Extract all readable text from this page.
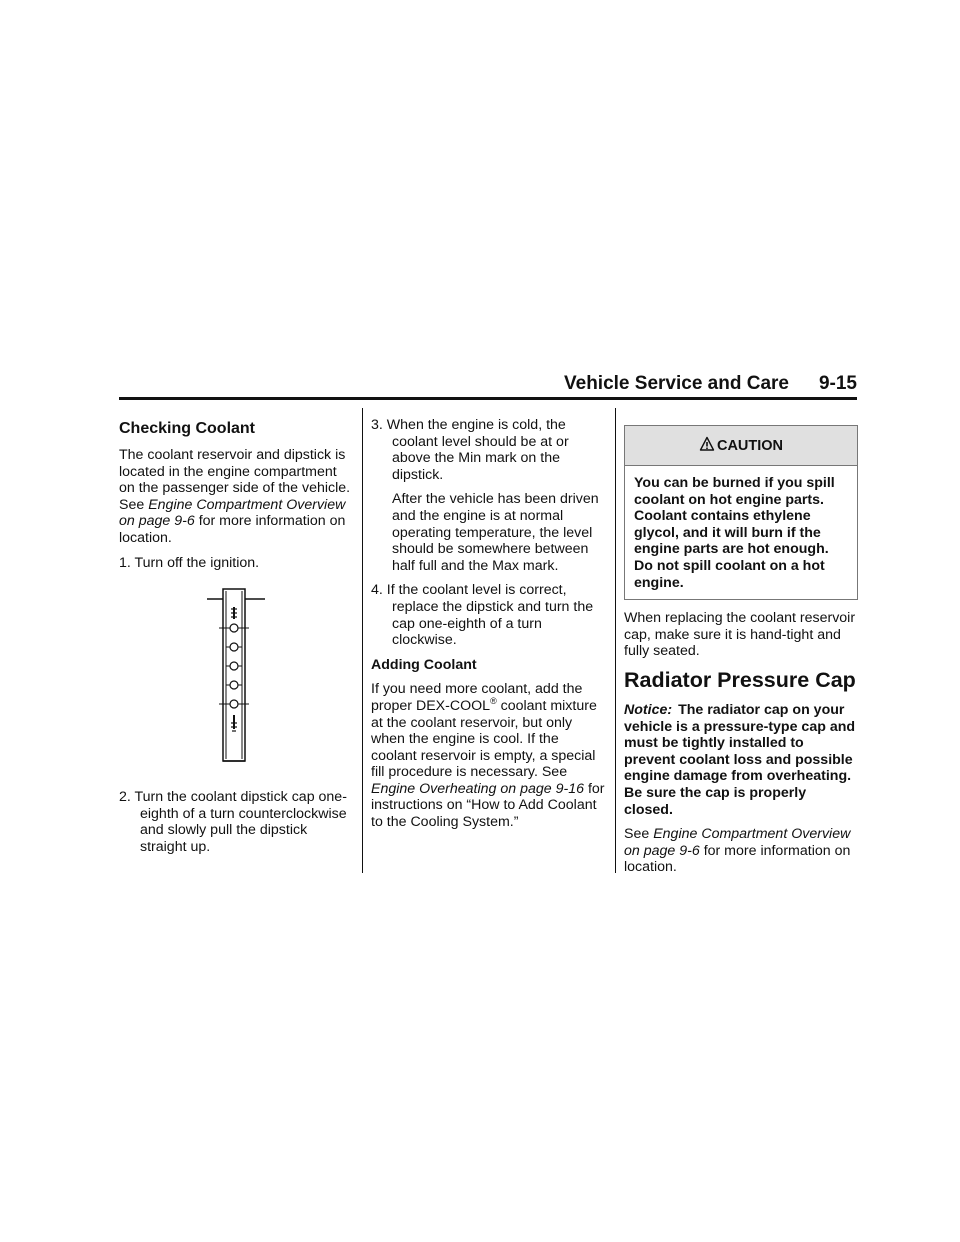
Vehicle Service and Care 9-15
Checking Coolant

The coolant reservoir and dipstick is located in the engine compartment on the passenger side of the vehicle. See Engine Compartment Overview on page 9-6 for more information on location.

1. Turn off the ignition.

2. Turn the coolant dipstick cap one-eighth of a turn counterclockwise and slowly pull the dipstick straight up.

3. When the engine is cold, the coolant level should be at or above the Min mark on the dipstick.

After the vehicle has been driven and the engine is at normal operating temperature, the level should be somewhere between half full and the Max mark.

4. If the coolant level is correct, replace the dipstick and turn the cap one-eighth of a turn clockwise.

Adding Coolant

If you need more coolant, add the proper DEX-COOL® coolant mixture at the coolant reservoir, but only when the engine is cool. If the coolant reservoir is empty, a special fill procedure is necessary. See Engine Overheating on page 9-16 for instructions on “How to Add Coolant to the Cooling System.”

CAUTION
You can be burned if you spill coolant on hot engine parts. Coolant contains ethylene glycol, and it will burn if the engine parts are hot enough. Do not spill coolant on a hot engine.

When replacing the coolant reservoir cap, make sure it is hand-tight and fully seated.

Radiator Pressure Cap

Notice: The radiator cap on your vehicle is a pressure-type cap and must be tightly installed to prevent coolant loss and possible engine damage from overheating. Be sure the cap is properly closed.

See Engine Compartment Overview on page 9-6 for more information on location.
